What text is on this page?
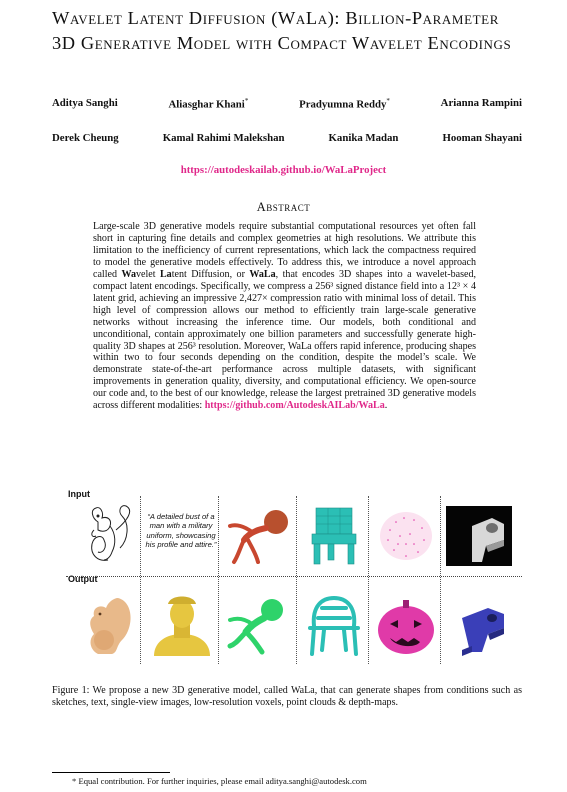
Wavelet Latent Diffusion (WaLa): Billion-Parameter 3D Generative Model with Compact Wavelet Encodings
Aditya Sanghi	Aliasghar Khani*	Pradyumna Reddy*	Arianna Rampini
Derek Cheung	Kamal Rahimi Malekshan	Kanika Madan	Hooman Shayani
https://autodeskailab.github.io/WaLaProject
Abstract
Large-scale 3D generative models require substantial computational resources yet often fall short in capturing fine details and complex geometries at high resolutions. We attribute this limitation to the inefficiency of current representations, which lack the compactness required to model the generative models effectively. To address this, we introduce a novel approach called Wavelet Latent Diffusion, or WaLa, that encodes 3D shapes into a wavelet-based, compact latent encodings. Specifically, we compress a 256³ signed distance field into a 12³ × 4 latent grid, achieving an impressive 2,427× compression ratio with minimal loss of detail. This high level of compression allows our method to efficiently train large-scale generative networks without increasing the inference time. Our models, both conditional and unconditional, contain approximately one billion parameters and successfully generate high-quality 3D shapes at 256³ resolution. Moreover, WaLa offers rapid inference, producing shapes within two to four seconds depending on the condition, despite the model’s scale. We demonstrate state-of-the-art performance across multiple datasets, with significant improvements in generation quality, diversity, and computational efficiency. We open-source our code and, to the best of our knowledge, release the largest pretrained 3D generative models across different modalities: https://github.com/AutodeskAILab/WaLa.
Input
Output
“A detailed bust of a man with a military uniform, showcasing his profile and attire.”
Figure 1: We propose a new 3D generative model, called WaLa, that can generate shapes from conditions such as sketches, text, single-view images, low-resolution voxels, point clouds & depth-maps.
* Equal contribution. For further inquiries, please email aditya.sanghi@autodesk.com
